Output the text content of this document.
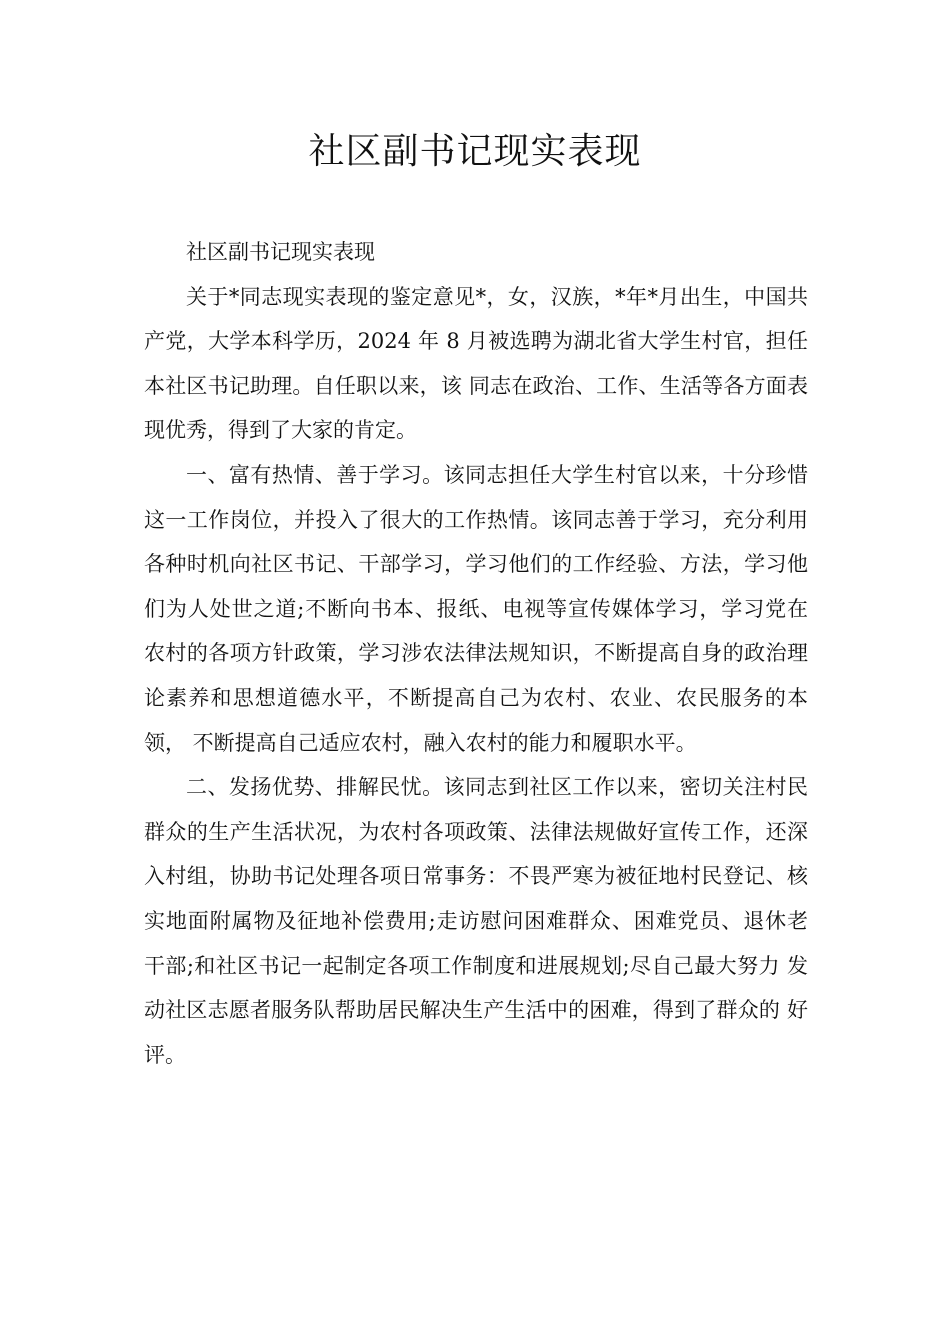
社区副书记现实表现

社区副书记现实表现

关于*同志现实表现的鉴定意见*，女，汉族，*年*月出生，中国共产党，大学本科学历，2024 年 8 月被选聘为湖北省大学生村官，担任本社区书记助理。自任职以来，该 同志在政治、工作、生活等各方面表现优秀，得到了大家的肯定。

一、富有热情、善于学习。该同志担任大学生村官以来，十分珍惜 这一工作岗位，并投入了很大的工作热情。该同志善于学习，充分利用 各种时机向社区书记、干部学习，学习他们的工作经验、方法，学习他 们为人处世之道;不断向书本、报纸、电视等宣传媒体学习，学习党在 农村的各项方针政策，学习涉农法律法规知识，不断提高自身的政治理 论素养和思想道德水平，不断提高自己为农村、农业、农民服务的本领， 不断提高自己适应农村，融入农村的能力和履职水平。

二、发扬优势、排解民忧。该同志到社区工作以来，密切关注村民 群众的生产生活状况，为农村各项政策、法律法规做好宣传工作，还深 入村组，协助书记处理各项日常事务：不畏严寒为被征地村民登记、核 实地面附属物及征地补偿费用;走访慰问困难群众、困难党员、退休老 干部;和社区书记一起制定各项工作制度和进展规划;尽自己最大努力 发动社区志愿者服务队帮助居民解决生产生活中的困难，得到了群众的 好评。
